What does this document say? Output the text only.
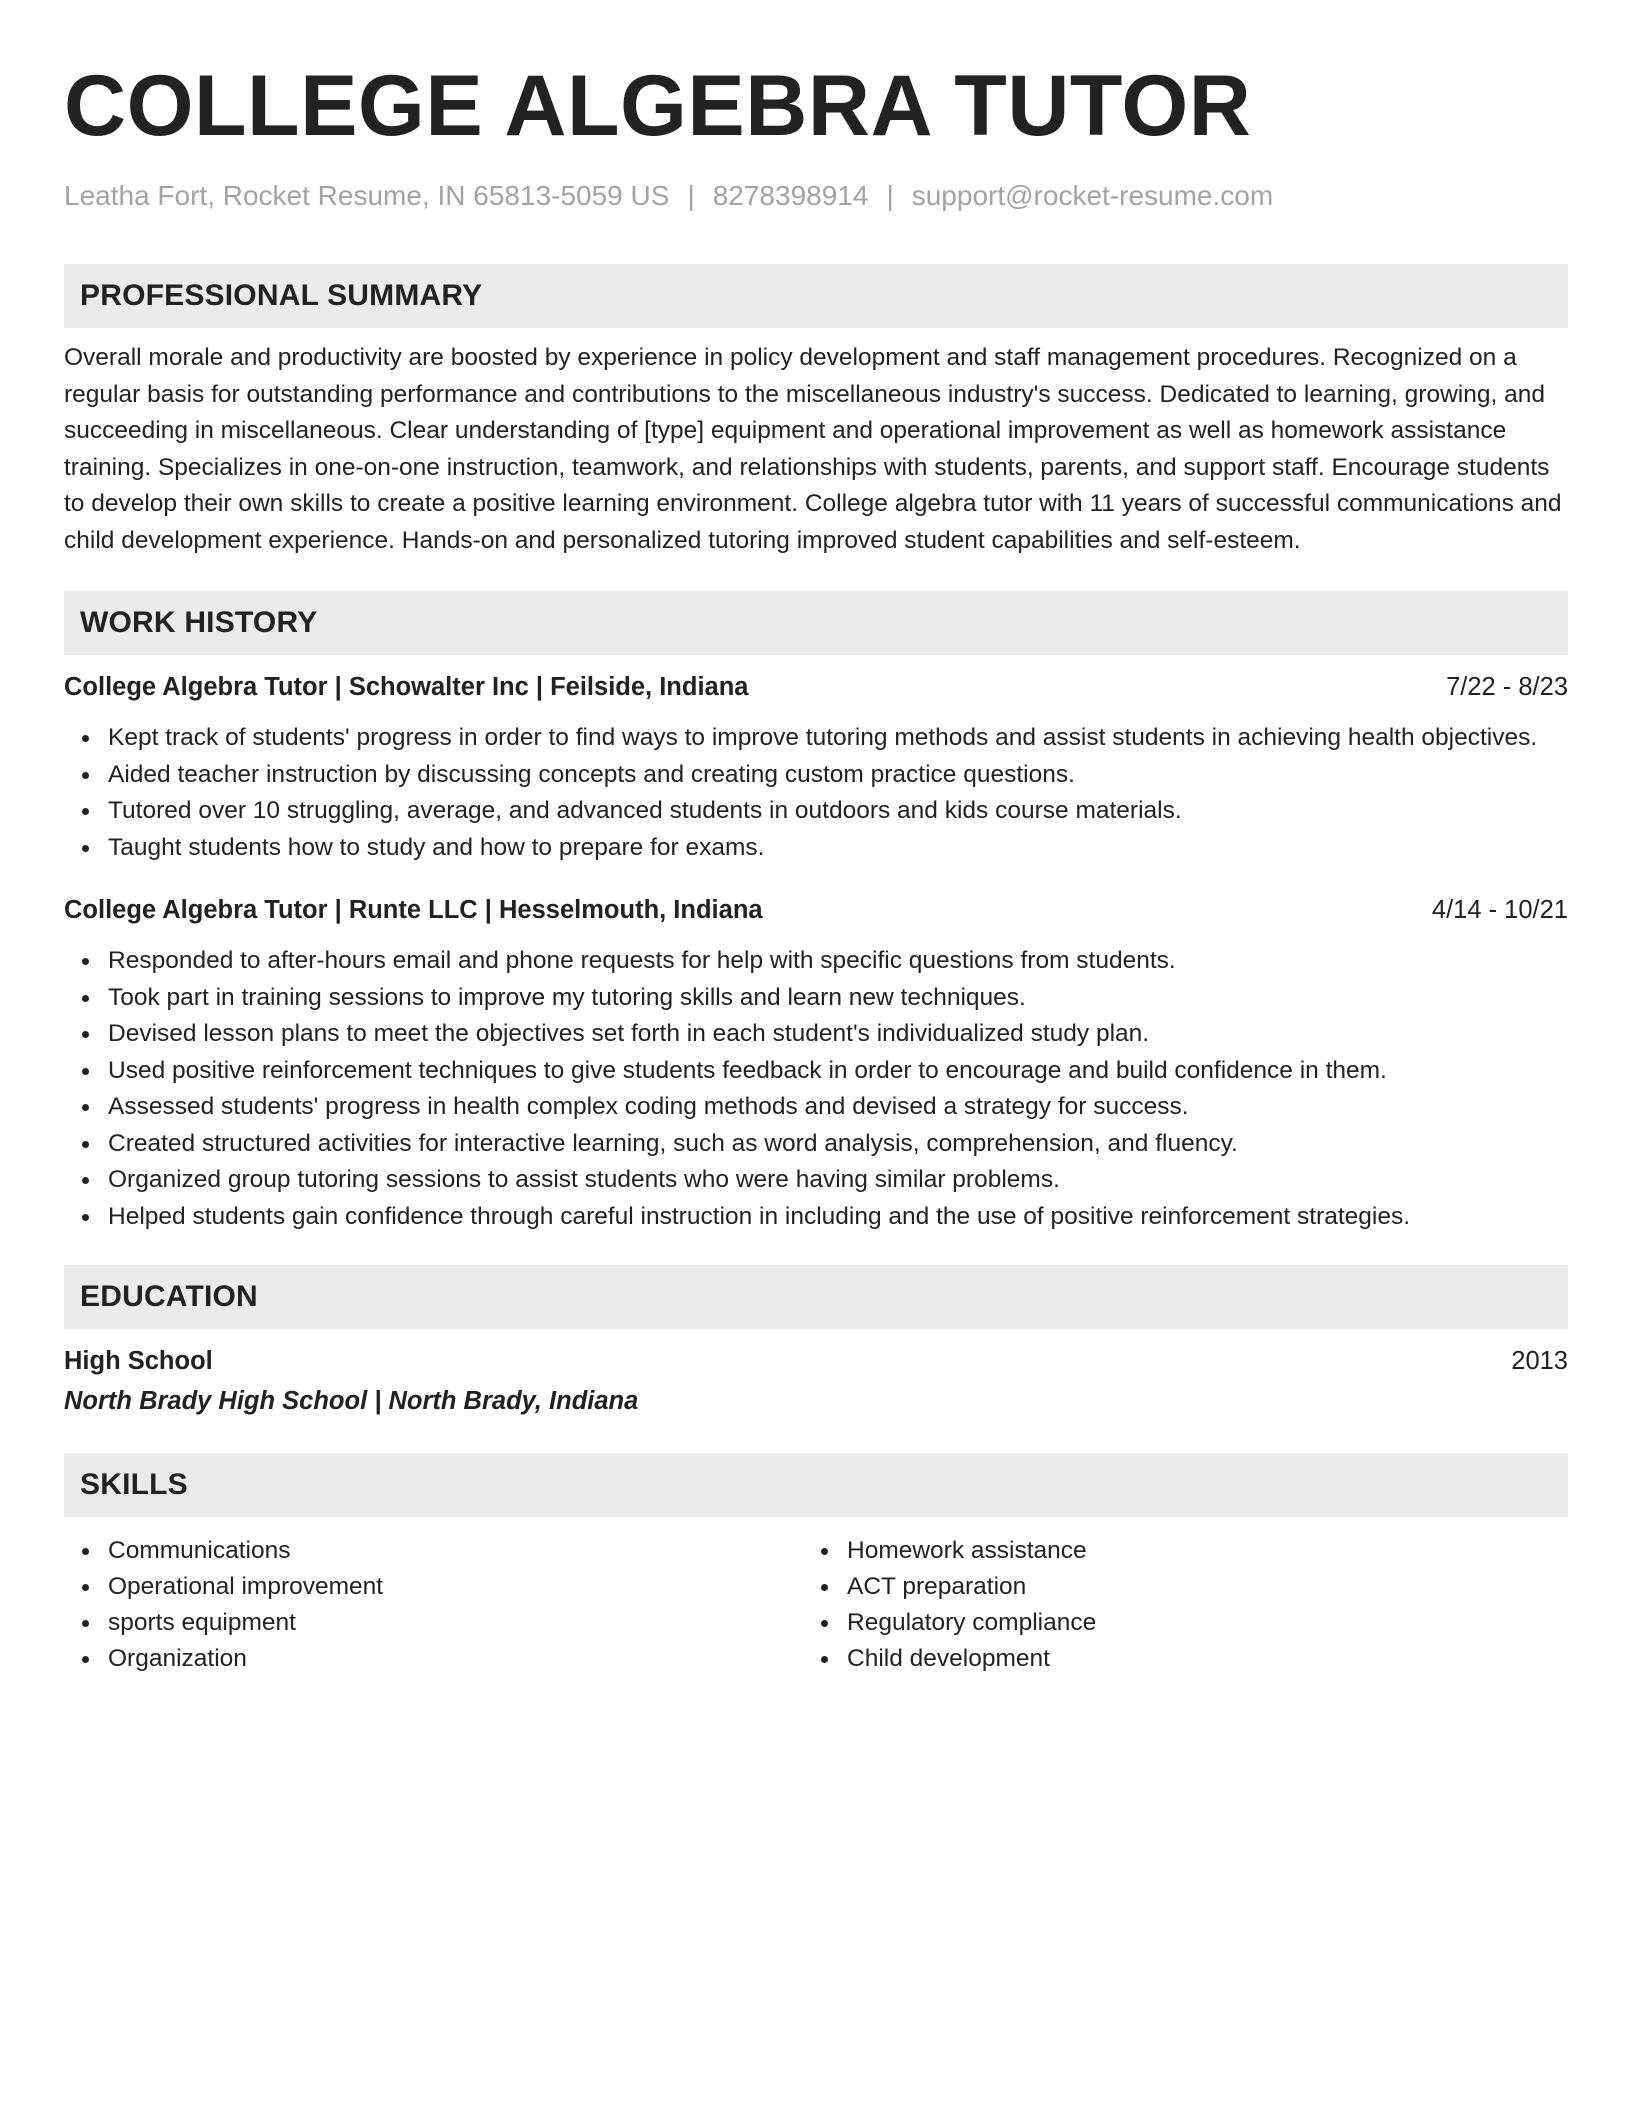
COLLEGE ALGEBRA TUTOR
Leatha Fort, Rocket Resume, IN 65813-5059 US | 8278398914 | support@rocket-resume.com
PROFESSIONAL SUMMARY

Overall morale and productivity are boosted by experience in policy development and staff management procedures. Recognized on a regular basis for outstanding performance and contributions to the miscellaneous industry's success. Dedicated to learning, growing, and succeeding in miscellaneous. Clear understanding of [type] equipment and operational improvement as well as homework assistance training. Specializes in one-on-one instruction, teamwork, and relationships with students, parents, and support staff. Encourage students to develop their own skills to create a positive learning environment. College algebra tutor with 11 years of successful communications and child development experience. Hands-on and personalized tutoring improved student capabilities and self-esteem.

WORK HISTORY
College Algebra Tutor | Schowalter Inc | Feilside, Indiana	7/22 - 8/23
Kept track of students' progress in order to find ways to improve tutoring methods and assist students in achieving health objectives.
Aided teacher instruction by discussing concepts and creating custom practice questions.
Tutored over 10 struggling, average, and advanced students in outdoors and kids course materials.
Taught students how to study and how to prepare for exams.
College Algebra Tutor | Runte LLC | Hesselmouth, Indiana	4/14 - 10/21
Responded to after-hours email and phone requests for help with specific questions from students.
Took part in training sessions to improve my tutoring skills and learn new techniques.
Devised lesson plans to meet the objectives set forth in each student's individualized study plan.
Used positive reinforcement techniques to give students feedback in order to encourage and build confidence in them.
Assessed students' progress in health complex coding methods and devised a strategy for success.
Created structured activities for interactive learning, such as word analysis, comprehension, and fluency.
Organized group tutoring sessions to assist students who were having similar problems.
Helped students gain confidence through careful instruction in including and the use of positive reinforcement strategies.
EDUCATION
High School	2013
North Brady High School | North Brady, Indiana
SKILLS
Communications
Operational improvement
sports equipment
Organization
Homework assistance
ACT preparation
Regulatory compliance
Child development
